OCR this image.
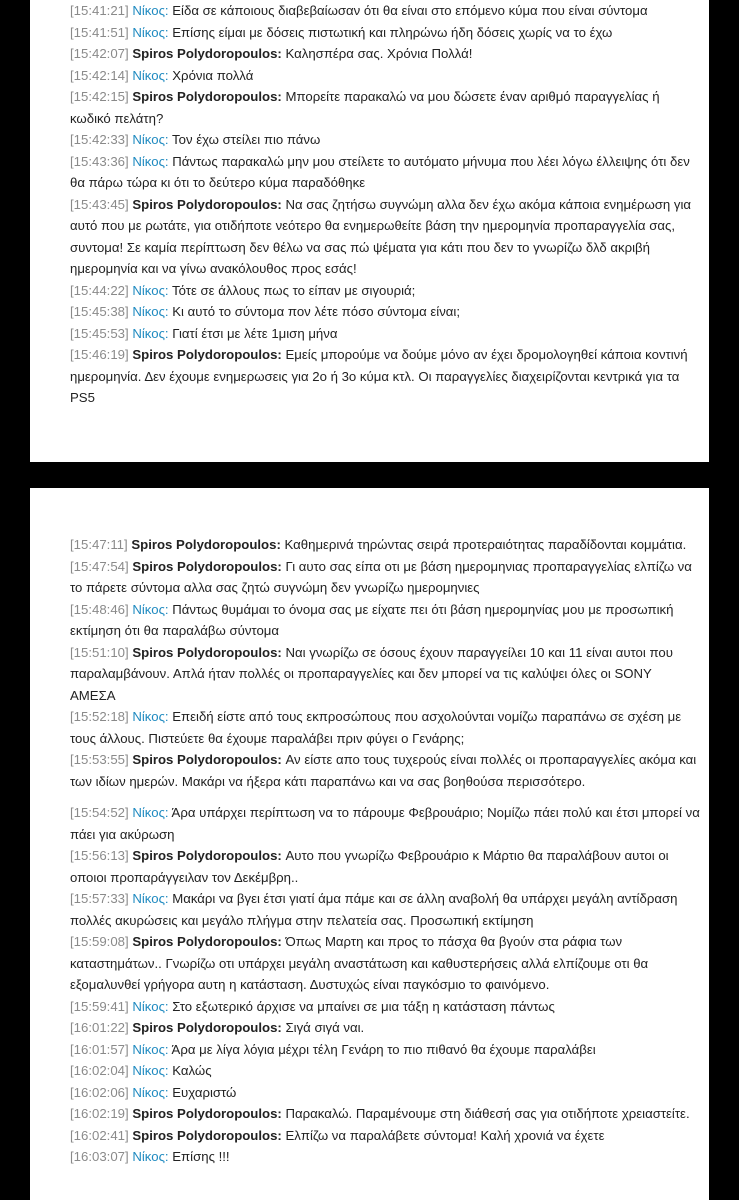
[15:41:21] Νίκος: Είδα σε κάποιους διαβεβαίωσαν ότι θα είναι στο επόμενο κύμα που είναι σύντομα

[15:41:51] Νίκος: Επίσης είμαι με δόσεις πιστωτική και πληρώνω ήδη δόσεις χωρίς να το έχω

[15:42:07] Spiros Polydoropoulos: Καλησπέρα σας. Χρόνια Πολλά!

[15:42:14] Νίκος: Χρόνια πολλά

[15:42:15] Spiros Polydoropoulos: Μπορείτε παρακαλώ να μου δώσετε έναν αριθμό παραγγελίας ή κωδικό πελάτη?

[15:42:33] Νίκος: Τον έχω στείλει πιο πάνω

[15:43:36] Νίκος: Πάντως παρακαλώ μην μου στείλετε το αυτόματο μήνυμα που λέει λόγω έλλειψης ότι δεν θα πάρω τώρα κι ότι το δεύτερο κύμα παραδόθηκε

[15:43:45] Spiros Polydoropoulos: Να σας ζητήσω συγνώμη αλλα δεν έχω ακόμα κάποια ενημέρωση για αυτό που με ρωτάτε, για οτιδήποτε νεότερο θα ενημερωθείτε βάση την ημερομηνία προπαραγγελία σας, συντομα! Σε καμία περίπτωση δεν θέλω να σας πώ ψέματα για κάτι που δεν το γνωρίζω δλδ ακριβή ημερομηνία και να γίνω ανακόλουθος προς εσάς!

[15:44:22] Νίκος: Τότε σε άλλους πως το είπαν με σιγουριά;

[15:45:38] Νίκος: Κι αυτό το σύντομα πον λέτε πόσο σύντομα είναι;

[15:45:53] Νίκος: Γιατί έτσι με λέτε 1μιση μήνα

[15:46:19] Spiros Polydoropoulos: Εμείς μπορούμε να δούμε μόνο αν έχει δρομολογηθεί κάποια κοντινή ημερομηνία. Δεν έχουμε ενημερωσεις για 2ο ή 3ο κύμα κτλ. Οι παραγγελίες διαχειρίζονται κεντρικά για τα PS5

[15:47:11] Spiros Polydoropoulos: Καθημερινά τηρώντας σειρά προτεραιότητας παραδίδονται κομμάτια.

[15:47:54] Spiros Polydoropoulos: Γι αυτο σας είπα οτι με βάση ημερομηνιας προπαραγγελίας ελπίζω να το πάρετε σύντομα αλλα σας ζητώ συγνώμη δεν γνωρίζω ημερομηνιες

[15:48:46] Νίκος: Πάντως θυμάμαι το όνομα σας με είχατε πει ότι βάση ημερομηνίας μου με προσωπική εκτίμηση ότι θα παραλάβω σύντομα

[15:51:10] Spiros Polydoropoulos: Ναι γνωρίζω σε όσους έχουν παραγγείλει 10 και 11 είναι αυτοι που παραλαμβάνουν. Απλά ήταν πολλές οι προπαραγγελίες και δεν μπορεί να τις καλύψει όλες οι SONY ΑΜΕΣΑ

[15:52:18] Νίκος: Επειδή είστε από τους εκπροσώπους που ασχολούνται νομίζω παραπάνω σε σχέση με τους άλλους. Πιστεύετε θα έχουμε παραλάβει πριν φύγει ο Γενάρης;

[15:53:55] Spiros Polydoropoulos: Αν είστε απο τους τυχερούς είναι πολλές οι προπαραγγελίες ακόμα και των ιδίων ημερών. Μακάρι να ήξερα κάτι παραπάνω και να σας βοηθούσα περισσότερο.

[15:54:52] Νίκος: Άρα υπάρχει περίπτωση να το πάρουμε Φεβρουάριο; Νομίζω πάει πολύ και έτσι μπορεί να πάει για ακύρωση

[15:56:13] Spiros Polydoropoulos: Αυτο που γνωρίζω Φεβρουάριο κ Μάρτιο θα παραλάβουν αυτοι οι οποιοι προπαράγγειλαν τον Δεκέμβρη..

[15:57:33] Νίκος: Μακάρι να βγει έτσι γιατί άμα πάμε και σε άλλη αναβολή θα υπάρχει μεγάλη αντίδραση πολλές ακυρώσεις και μεγάλο πλήγμα στην πελατεία σας. Προσωπική εκτίμηση

[15:59:08] Spiros Polydoropoulos: Όπως Μαρτη και προς το πάσχα θα βγούν στα ράφια των καταστημάτων.. Γνωρίζω οτι υπάρχει μεγάλη αναστάτωση και καθυστερήσεις αλλά ελπίζουμε οτι θα εξομαλυνθεί γρήγορα αυτη η κατάσταση. Δυστυχώς είναι παγκόσμιο το φαινόμενο.

[15:59:41] Νίκος: Στο εξωτερικό άρχισε να μπαίνει σε μια τάξη η κατάσταση πάντως

[16:01:22] Spiros Polydoropoulos: Σιγά σιγά ναι.

[16:01:57] Νίκος: Άρα με λίγα λόγια μέχρι τέλη Γενάρη το πιο πιθανό θα έχουμε παραλάβει

[16:02:04] Νίκος: Καλώς

[16:02:06] Νίκος: Ευχαριστώ

[16:02:19] Spiros Polydoropoulos: Παρακαλώ. Παραμένουμε στη διάθεσή σας για οτιδήποτε χρειαστείτε.

[16:02:41] Spiros Polydoropoulos: Ελπίζω να παραλάβετε σύντομα! Καλή χρονιά να έχετε

[16:03:07] Νίκος: Επίσης !!!
